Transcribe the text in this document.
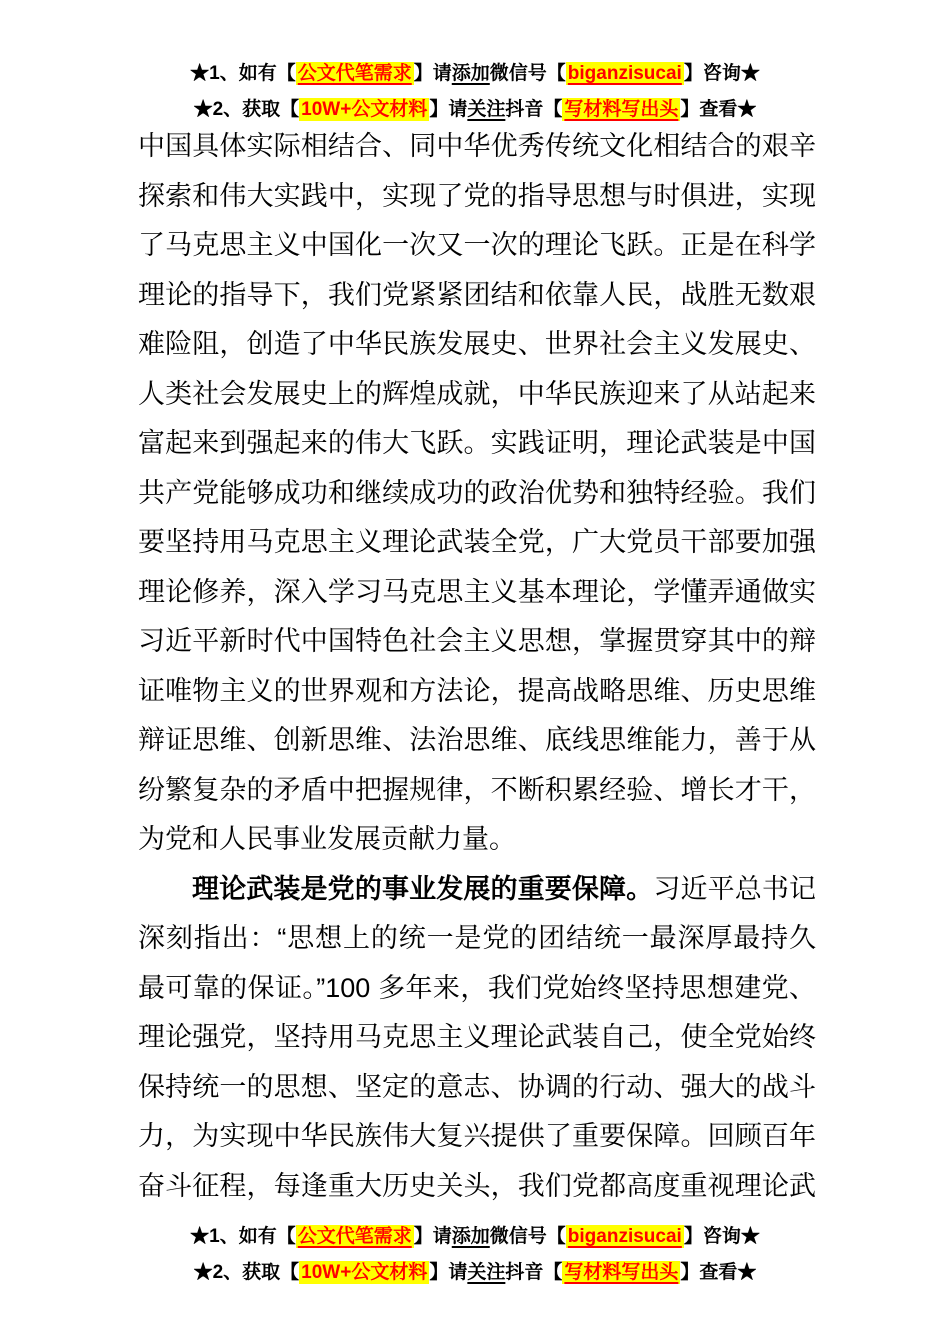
★1、如有【 公文代笔需求 】请添加微信号【 biganzisucai 】咨询★
★2、获取【 10W+公文材料 】请关注抖音【 写材料写出头 】查看★
中国具体实际相结合、同中华优秀传统文化相结合的艰辛
探索和伟大实践中，实现了党的指导思想与时俱进，实现
了马克思主义中国化一次又一次的理论飞跃。正是在科学
理论的指导下，我们党紧紧团结和依靠人民，战胜无数艰
难险阻，创造了中华民族发展史、世界社会主义发展史、
人类社会发展史上的辉煌成就，中华民族迎来了从站起来
富起来到强起来的伟大飞跃。实践证明，理论武装是中国
共产党能够成功和继续成功的政治优势和独特经验。我们
要坚持用马克思主义理论武装全党，广大党员干部要加强
理论修养，深入学习马克思主义基本理论，学懂弄通做实
习近平新时代中国特色社会主义思想，掌握贯穿其中的辩
证唯物主义的世界观和方法论，提高战略思维、历史思维
辩证思维、创新思维、法治思维、底线思维能力，善于从
纷繁复杂的矛盾中把握规律，不断积累经验、增长才干，
为党和人民事业发展贡献力量。
理论武装是党的事业发展的重要保障。习近平总书记
深刻指出：“思想上的统一是党的团结统一最深厚最持久
最可靠的保证。”100 多年来，我们党始终坚持思想建党、
理论强党，坚持用马克思主义理论武装自己，使全党始终
保持统一的思想、坚定的意志、协调的行动、强大的战斗
力，为实现中华民族伟大复兴提供了重要保障。回顾百年
奋斗征程，每逢重大历史关头，我们党都高度重视理论武
★1、如有【 公文代笔需求 】请添加微信号【 biganzisucai 】咨询★
★2、获取【 10W+公文材料 】请关注抖音【 写材料写出头 】查看★
